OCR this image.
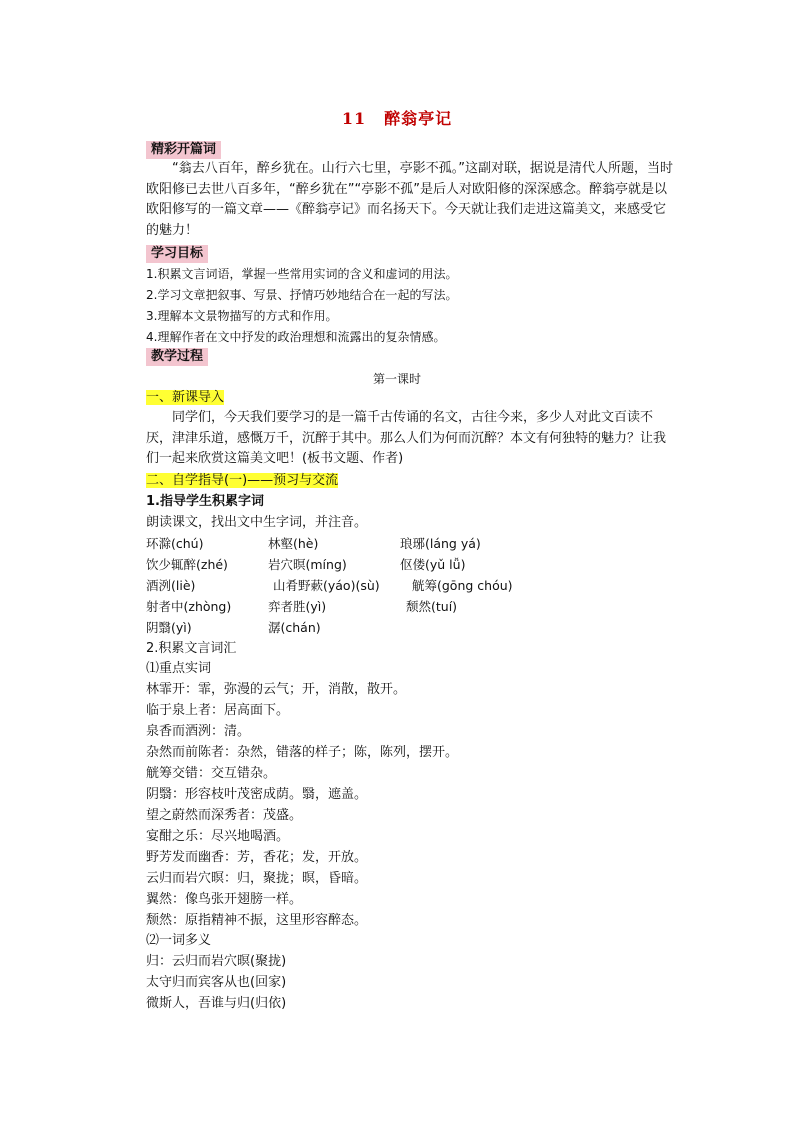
11 醉翁亭记
精彩开篇词
“翁去八百年，醉乡犹在。山行六七里，亭影不孤。”这副对联，据说是清代人所题，当时欧阳修已去世八百多年，“醉乡犹在”“亭影不孤”是后人对欧阳修的深深感念。醉翁亭就是以欧阳修写的一篇文章——《醉翁亭记》而名扬天下。今天就让我们走进这篇美文，来感受它的魅力！
学习目标
1.积累文言词语，掌握一些常用实词的含义和虚词的用法。
2.学习文章把叙事、写景、抒情巧妙地结合在一起的写法。
3.理解本文景物描写的方式和作用。
4.理解作者在文中抒发的政治理想和流露出的复杂情感。
教学过程
第一课时
一、新课导入
同学们，今天我们要学习的是一篇千古传诵的名文，古往今来，多少人对此文百读不厌，津津乐道，感慨万千，沉醉于其中。那么人们为何而沉醉？本文有何独特的魅力？让我们一起来欣赏这篇美文吧！(板书文题、作者)
二、自学指导(一)——预习与交流
1.指导学生积累字词
朗读课文，找出文中生字词，并注音。
环滁(chú)	林壑(hè)	琅琊(láng yá)
饮少辄醉(zhé)	岩穴暝(míng)	伛偻(yǔ lǚ)
酒洌(liè)	山肴野蔌(yáo)(sù)	觥筹(gōng chóu)
射者中(zhòng)	弈者胜(yì)	颓然(tuí)
阴翳(yì)	潺(chán)
2.积累文言词汇
⑴重点实词
林霏开：霏，弥漫的云气；开，消散，散开。
临于泉上者：居高面下。
泉香而酒洌：清。
杂然而前陈者：杂然，错落的样子；陈，陈列，摆开。
觥筹交错：交互错杂。
阴翳：形容枝叶茂密成荫。翳，遮盖。
望之蔚然而深秀者：茂盛。
宴酣之乐：尽兴地喝酒。
野芳发而幽香：芳，香花；发，开放。
云归而岩穴暝：归，聚拢；暝，昏暗。
翼然：像鸟张开翅膀一样。
颓然：原指精神不振，这里形容醉态。
⑵一词多义
归：云归而岩穴暝(聚拢)
太守归而宾客从也(回家)
微斯人，吾谁与归(归依)
